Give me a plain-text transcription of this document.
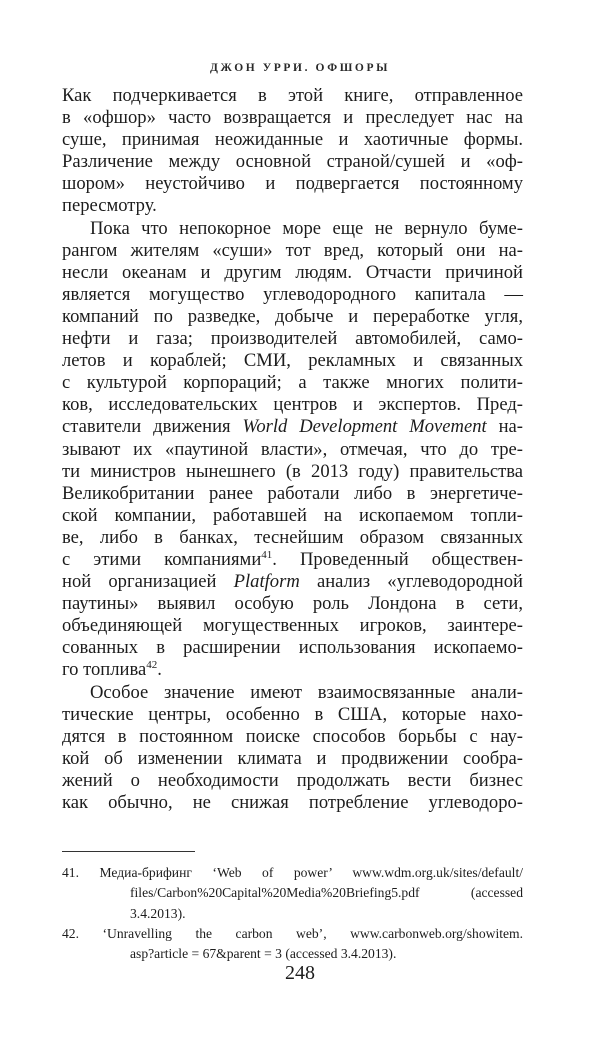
ДЖОН УРРИ. ОФШОРЫ
Как подчеркивается в этой книге, отправленное
в «офшор» часто возвращается и преследует нас на
суше, принимая неожиданные и хаотичные формы.
Различение между основной страной/сушей и «оф-
шором» неустойчиво и подвергается постоянному
пересмотру.
Пока что непокорное море еще не вернуло буме-
рангом жителям «суши» тот вред, который они на-
несли океанам и другим людям. Отчасти причиной
является могущество углеводородного капитала —
компаний по разведке, добыче и переработке угля,
нефти и газа; производителей автомобилей, само-
летов и кораблей; СМИ, рекламных и связанных
с культурой корпораций; а также многих полити-
ков, исследовательских центров и экспертов. Пред-
ставители движения World Development Movement на-
зывают их «паутиной власти», отмечая, что до тре-
ти министров нынешнего (в 2013 году) правительства
Великобритании ранее работали либо в энергетиче-
ской компании, работавшей на ископаемом топли-
ве, либо в банках, теснейшим образом связанных
с этими компаниями$^{41}$. Проведенный обществен-
ной организацией Platform анализ «углеводородной
паутины» выявил особую роль Лондона в сети,
объединяющей могущественных игроков, заинтере-
сованных в расширении использования ископаемо-
го топлива$^{42}$.
Особое значение имеют взаимосвязанные анали-
тические центры, особенно в США, которые нахо-
дятся в постоянном поиске способов борьбы с нау-
кой об изменении климата и продвижении сообра-
жений о необходимости продолжать вести бизнес
как обычно, не снижая потребление углеводоро-
41. Медиа-брифинг ‘Web of power’ www.wdm.org.uk/sites/default/
files/Carbon%20Capital%20Media%20Briefing5.pdf (accessed
3.4.2013).
42. ‘Unravelling the carbon web’, www.carbonweb.org/showitem.
asp?article = 67&parent = 3 (accessed 3.4.2013).
248
